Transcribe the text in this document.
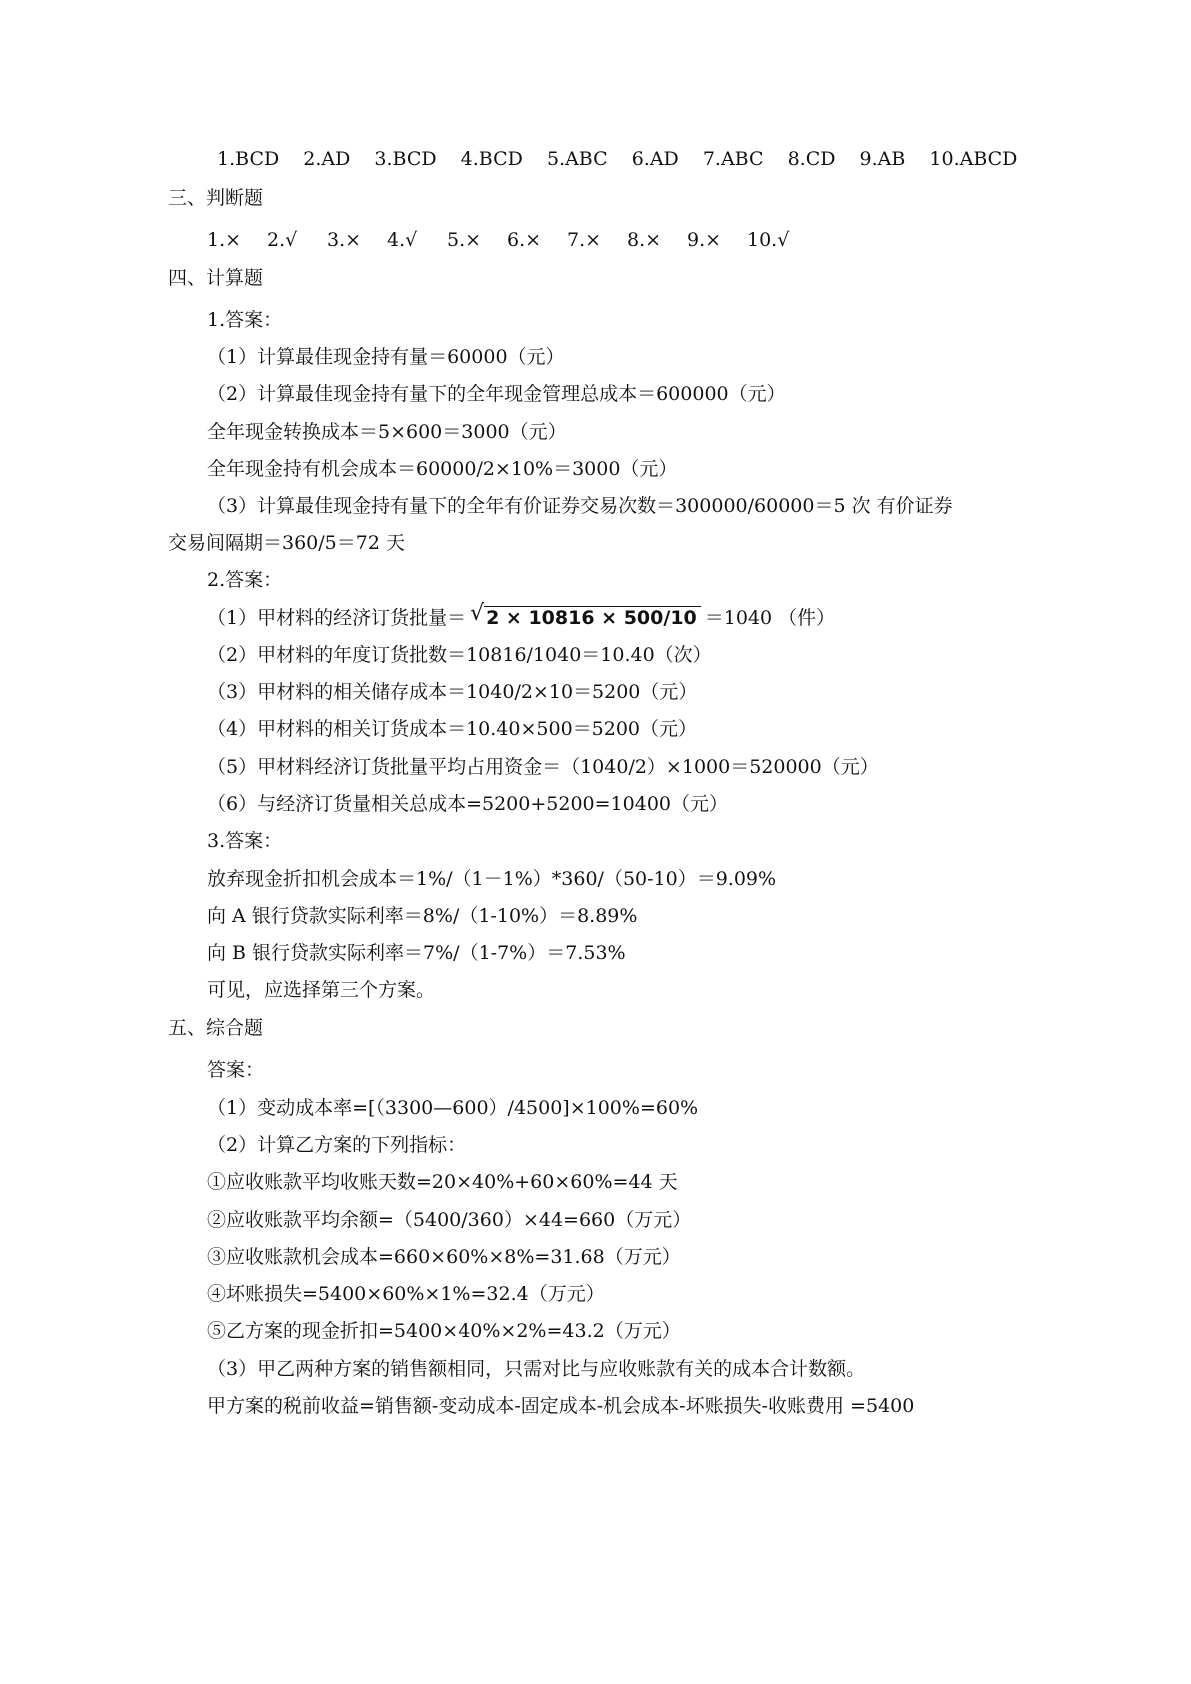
1.BCD 2.AD 3.BCD 4.BCD 5.ABC 6.AD 7.ABC 8.CD 9.AB 10.ABCD
三、判断题
1.× 2.√ 3.× 4.√ 5.× 6.× 7.× 8.× 9.× 10.√
四、计算题
1.答案：
（1）计算最佳现金持有量＝60000（元）
（2）计算最佳现金持有量下的全年现金管理总成本＝600000（元）
全年现金转换成本＝5×600＝3000（元）
全年现金持有机会成本＝60000/2×10%＝3000（元）
（3）计算最佳现金持有量下的全年有价证券交易次数＝300000/60000＝5 次 有价证券
交易间隔期＝360/5＝72 天
2.答案：
（1）甲材料的经济订货批量＝ √ 2 × 10816 × 500/10 ＝1040 （件）
（2）甲材料的年度订货批数＝10816/1040＝10.40（次）
（3）甲材料的相关储存成本＝1040/2×10＝5200（元）
（4）甲材料的相关订货成本＝10.40×500＝5200（元）
（5）甲材料经济订货批量平均占用资金＝（1040/2）×1000＝520000（元）
（6）与经济订货量相关总成本=5200+5200=10400（元）
3.答案：
放弃现金折扣机会成本＝1%/（1－1%）*360/（50-10）＝9.09%
向 A 银行贷款实际利率＝8%/（1-10%）＝8.89%
向 B 银行贷款实际利率＝7%/（1-7%）＝7.53%
可见，应选择第三个方案。
五、综合题
答案：
（1）变动成本率=[（3300—600）/4500]×100%=60%
（2）计算乙方案的下列指标：
①应收账款平均收账天数=20×40%+60×60%=44 天
②应收账款平均余额=（5400/360）×44=660（万元）
③应收账款机会成本=660×60%×8%=31.68（万元）
④坏账损失=5400×60%×1%=32.4（万元）
⑤乙方案的现金折扣=5400×40%×2%=43.2（万元）
（3）甲乙两种方案的销售额相同，只需对比与应收账款有关的成本合计数额。
甲方案的税前收益=销售额-变动成本-固定成本-机会成本-坏账损失-收账费用 =5400
